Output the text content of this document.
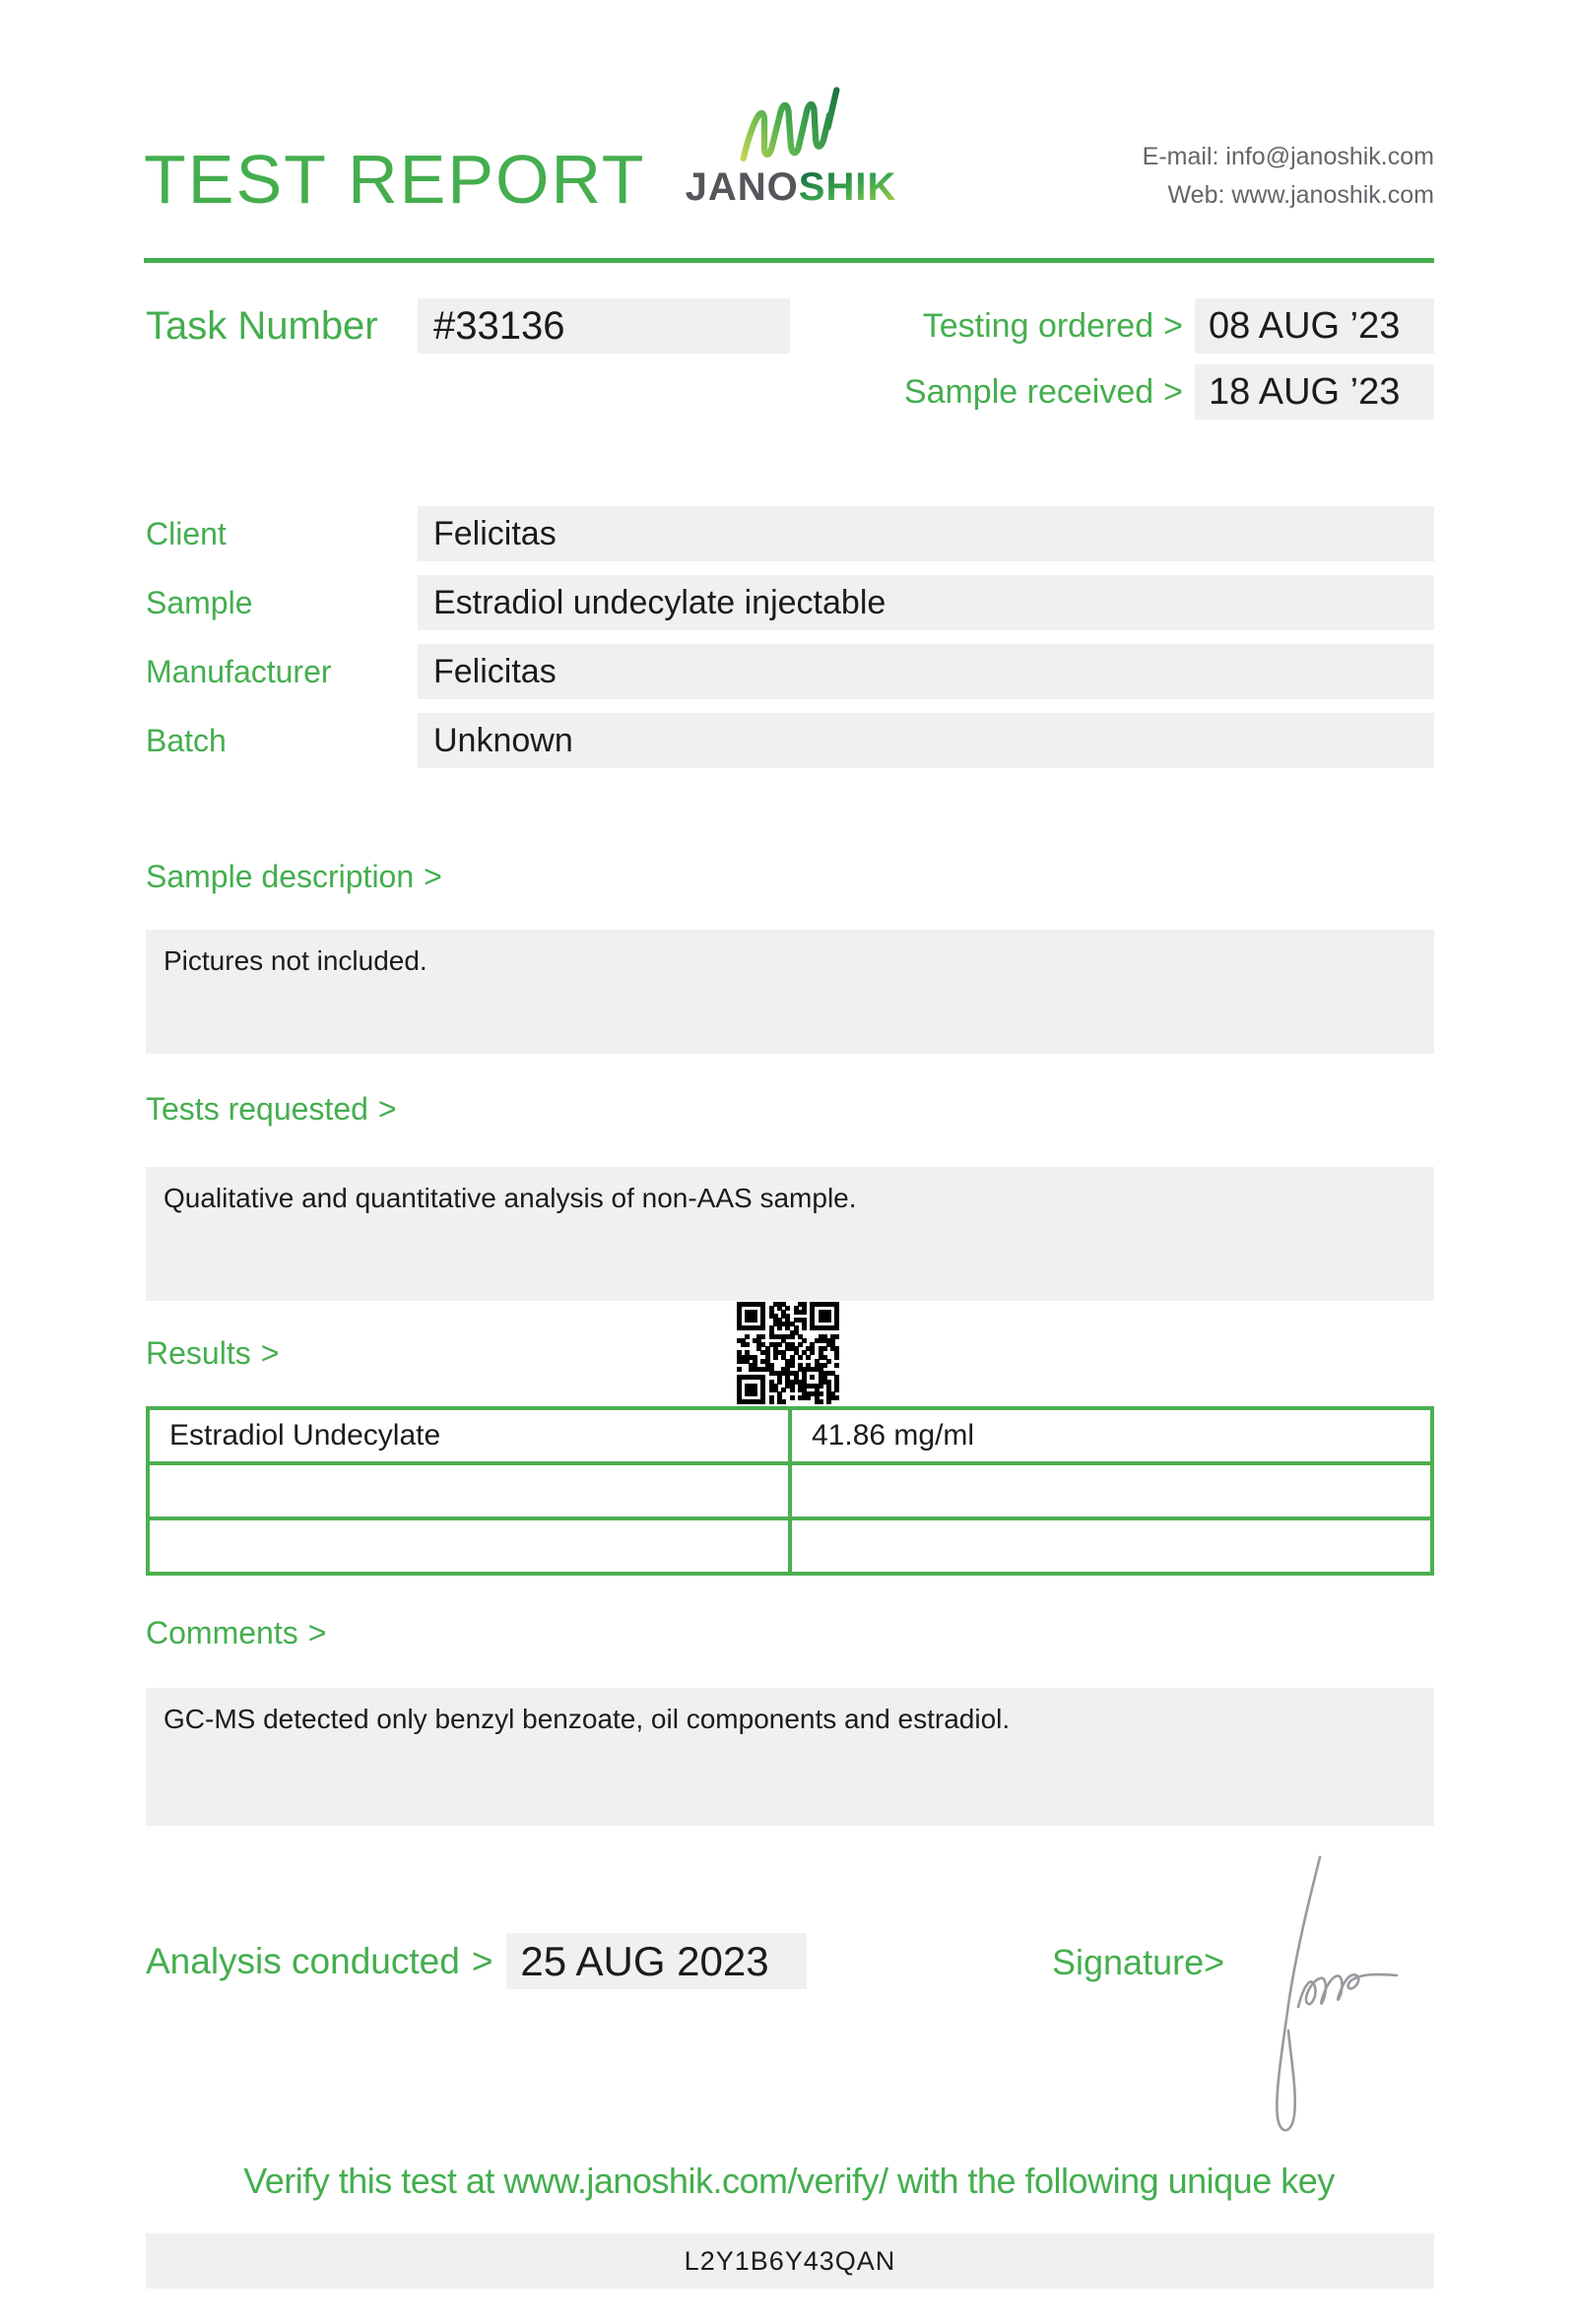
TEST REPORT JANOSHIK
E-mail: info@janoshik.com
Web: www.janoshik.com
Task Number	#33136	Testing ordered > 08 AUG ’23
Sample received > 18 AUG ’23
Client	Felicitas
Sample	Estradiol undecylate injectable
Manufacturer	Felicitas
Batch	Unknown
Sample description >
Pictures not included.
Tests requested >
Qualitative and quantitative analysis of non-AAS sample.
Results >
Estradiol Undecylate	41.86 mg/ml
Comments >
GC-MS detected only benzyl benzoate, oil components and estradiol.
Analysis conducted > 25 AUG 2023	Signature>
Verify this test at www.janoshik.com/verify/ with the following unique key
L2Y1B6Y43QAN
